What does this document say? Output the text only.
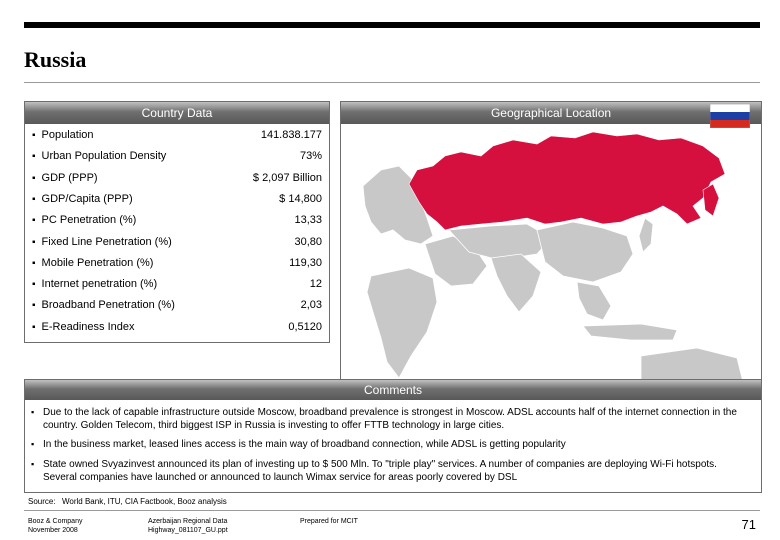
Russia
Country Data
▪ Population	141.838.177
▪ Urban Population Density	73%
▪ GDP (PPP)	$ 2,097 Billion
▪ GDP/Capita (PPP)	$ 14,800
▪ PC Penetration (%)	13,33
▪ Fixed Line Penetration (%)	30,80
▪ Mobile Penetration (%)	119,30
▪ Internet penetration (%)	12
▪ Broadband Penetration (%)	2,03
▪ E-Readiness Index	0,5120
Geographical Location
Comments
▪ Due to the lack of capable infrastructure outside Moscow, broadband prevalence is strongest in Moscow. ADSL accounts half of the internet connection in the country. Golden Telecom, third biggest ISP in Russia is investing to offer FTTB technology in large cities.
▪ In the business market, leased lines access is the main way of broadband connection, while ADSL is getting popularity
▪ State owned Svyazinvest announced its plan of investing up to $ 500 Mln. To "triple play" services. A number of companies are deploying Wi-Fi hotspots. Several companies have launched or announced to launch Wimax service for areas poorly covered by DSL
Source: World Bank, ITU, CIA Factbook, Booz analysis
Booz & Company
November 2008
Azerbaijan Regional Data
Highway_081107_GU.ppt
Prepared for MCIT	71
